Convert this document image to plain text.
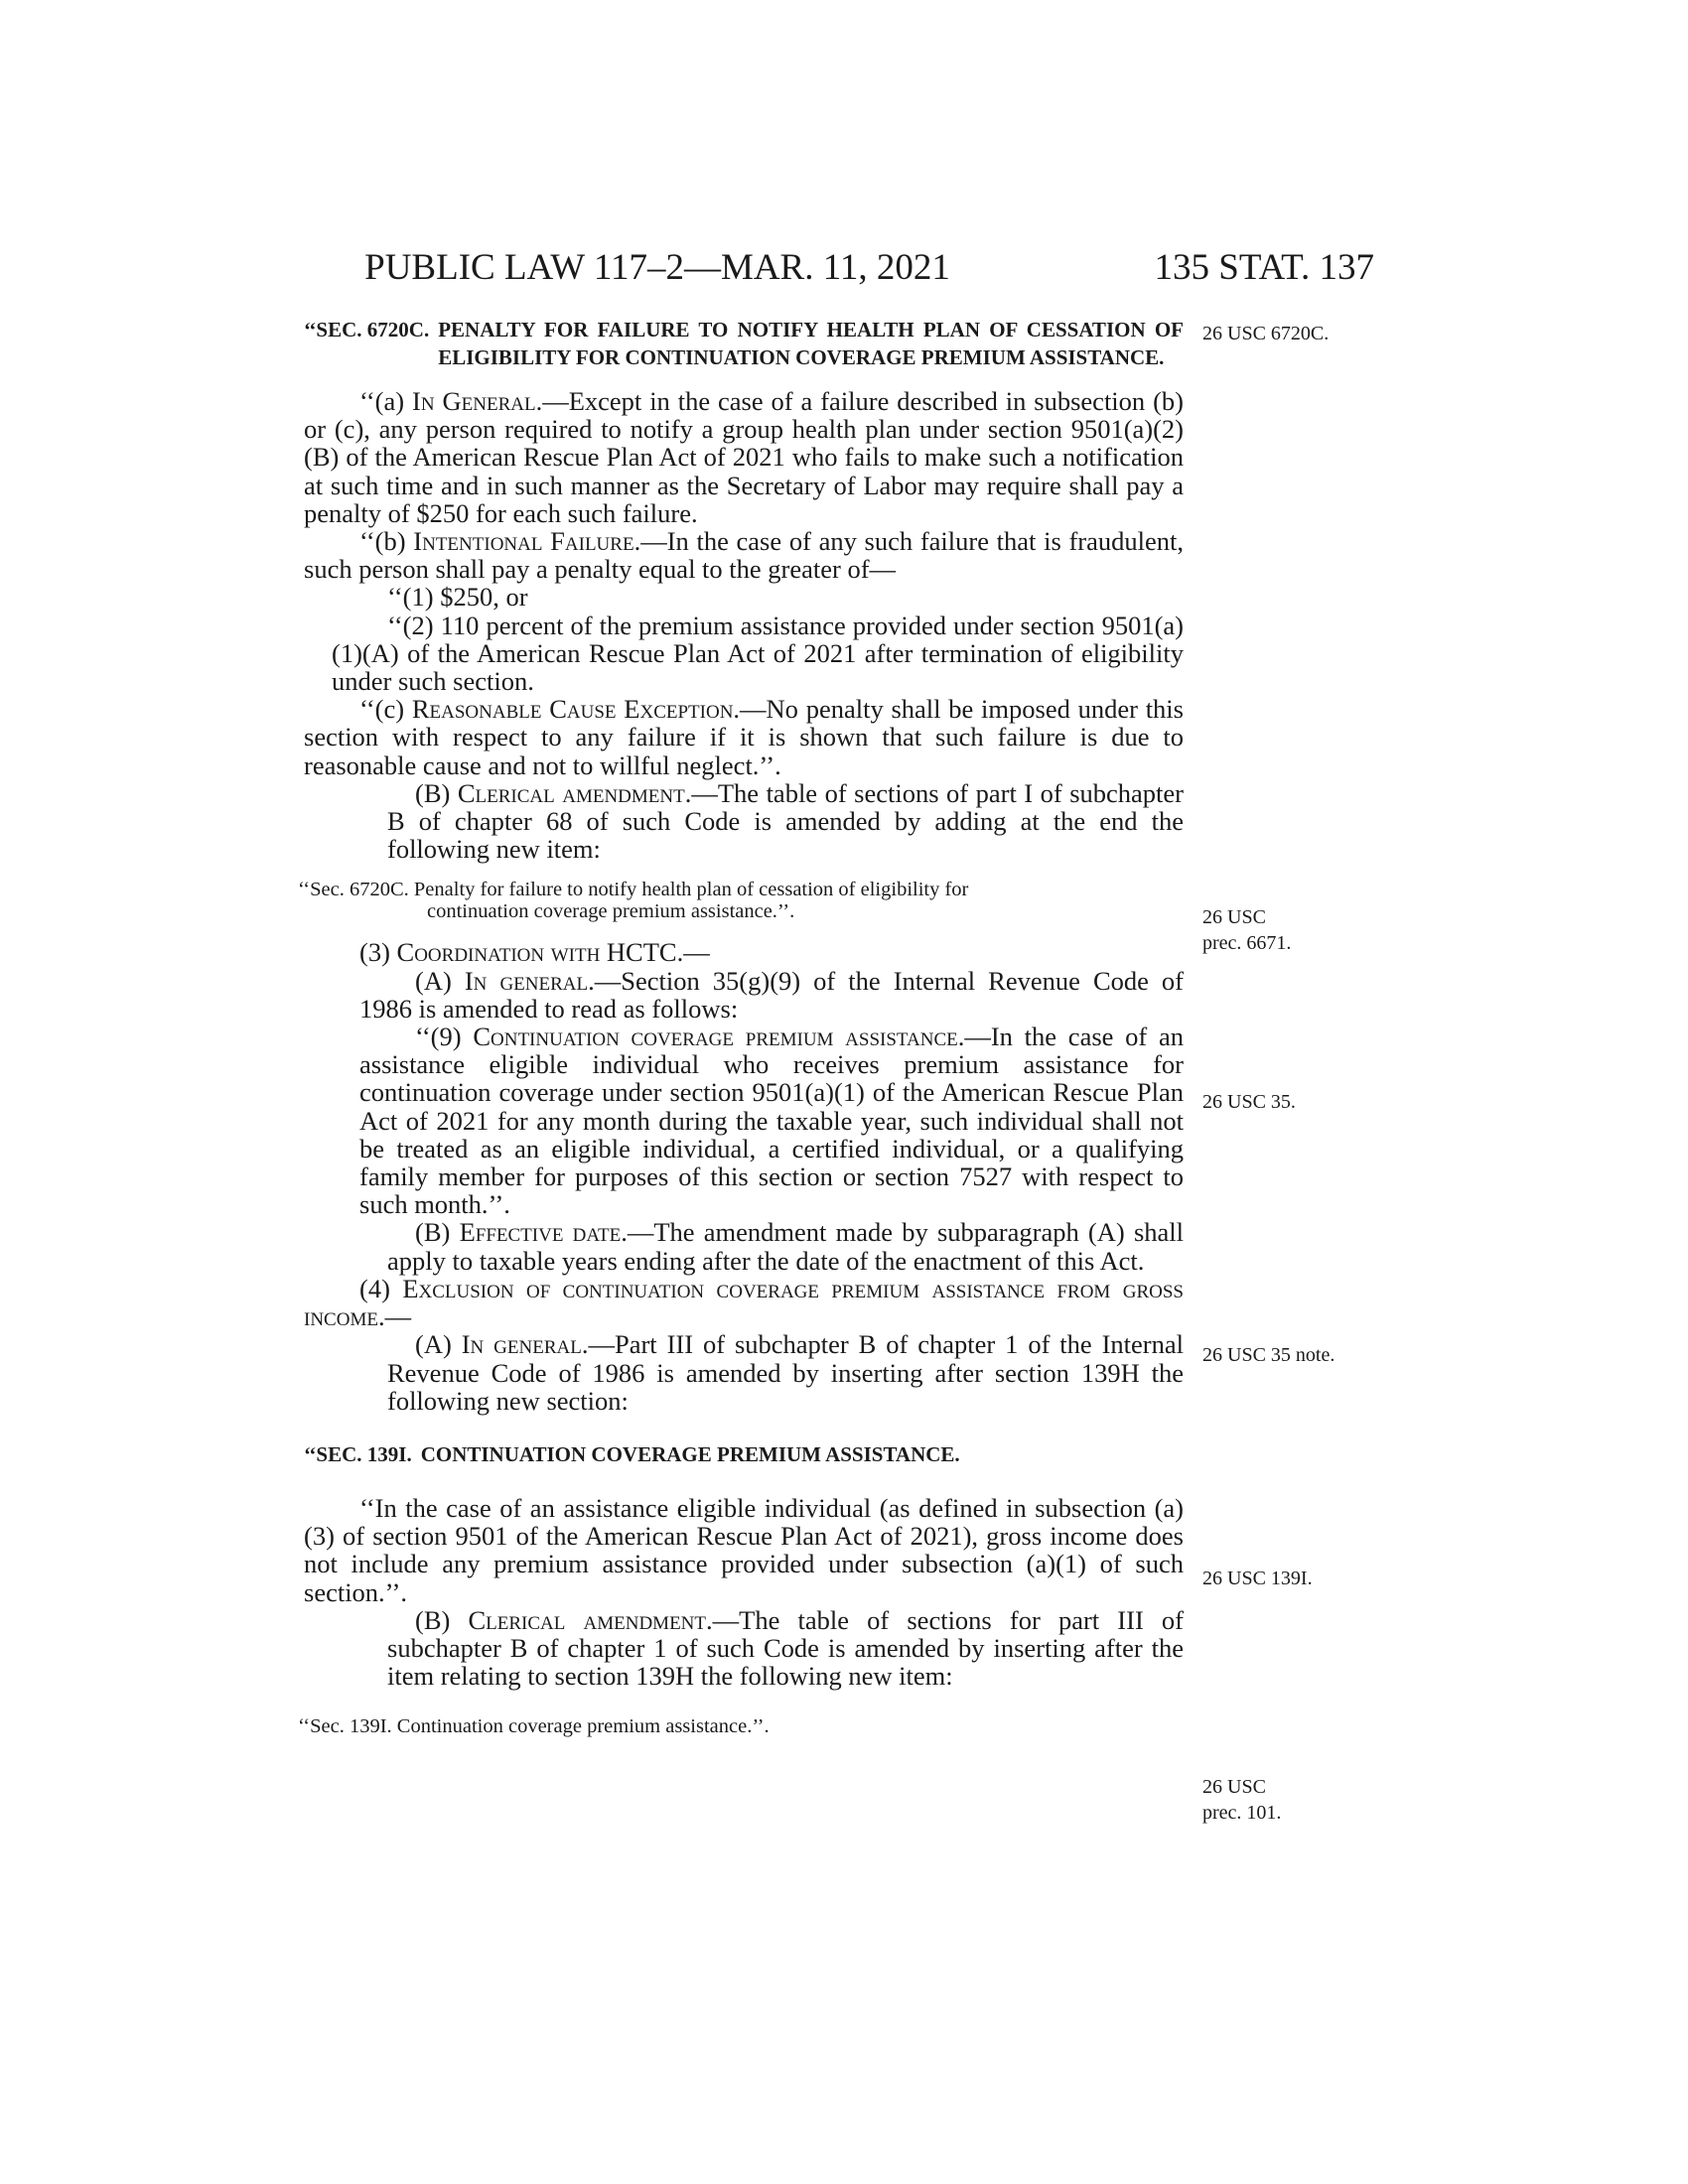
PUBLIC LAW 117–2—MAR. 11, 2021	135 STAT. 137
26 USC 6720C.
26 USC
prec. 6671.
26 USC 35.
26 USC 35 note.
26 USC 139I.
26 USC
prec. 101.
‘‘SEC. 6720C. PENALTY FOR FAILURE TO NOTIFY HEALTH PLAN OF CESSATION OF ELIGIBILITY FOR CONTINUATION COVERAGE PREMIUM ASSISTANCE.

‘‘(a) In General.—Except in the case of a failure described in subsection (b) or (c), any person required to notify a group health plan under section 9501(a)(2)(B) of the American Rescue Plan Act of 2021 who fails to make such a notification at such time and in such manner as the Secretary of Labor may require shall pay a penalty of $250 for each such failure.

‘‘(b) Intentional Failure.—In the case of any such failure that is fraudulent, such person shall pay a penalty equal to the greater of—

‘‘(1) $250, or

‘‘(2) 110 percent of the premium assistance provided under section 9501(a)(1)(A) of the American Rescue Plan Act of 2021 after termination of eligibility under such section.

‘‘(c) Reasonable Cause Exception.—No penalty shall be imposed under this section with respect to any failure if it is shown that such failure is due to reasonable cause and not to willful neglect.’’.

(B) Clerical amendment.—The table of sections of part I of subchapter B of chapter 68 of such Code is amended by adding at the end the following new item:

‘‘Sec. 6720C. Penalty for failure to notify health plan of cessation of eligibility for
continuation coverage premium assistance.’’.

(3) Coordination with HCTC.—

(A) In general.—Section 35(g)(9) of the Internal Revenue Code of 1986 is amended to read as follows:

‘‘(9) Continuation coverage premium assistance.—In the case of an assistance eligible individual who receives premium assistance for continuation coverage under section 9501(a)(1) of the American Rescue Plan Act of 2021 for any month during the taxable year, such individual shall not be treated as an eligible individual, a certified individual, or a qualifying family member for purposes of this section or section 7527 with respect to such month.’’.

(B) Effective date.—The amendment made by subparagraph (A) shall apply to taxable years ending after the date of the enactment of this Act.

(4) Exclusion of continuation coverage premium assistance from gross income.—

(A) In general.—Part III of subchapter B of chapter 1 of the Internal Revenue Code of 1986 is amended by inserting after section 139H the following new section:

‘‘SEC. 139I. CONTINUATION COVERAGE PREMIUM ASSISTANCE.

‘‘In the case of an assistance eligible individual (as defined in subsection (a)(3) of section 9501 of the American Rescue Plan Act of 2021), gross income does not include any premium assistance provided under subsection (a)(1) of such section.’’.

(B) Clerical amendment.—The table of sections for part III of subchapter B of chapter 1 of such Code is amended by inserting after the item relating to section 139H the following new item:

‘‘Sec. 139I. Continuation coverage premium assistance.’’.
